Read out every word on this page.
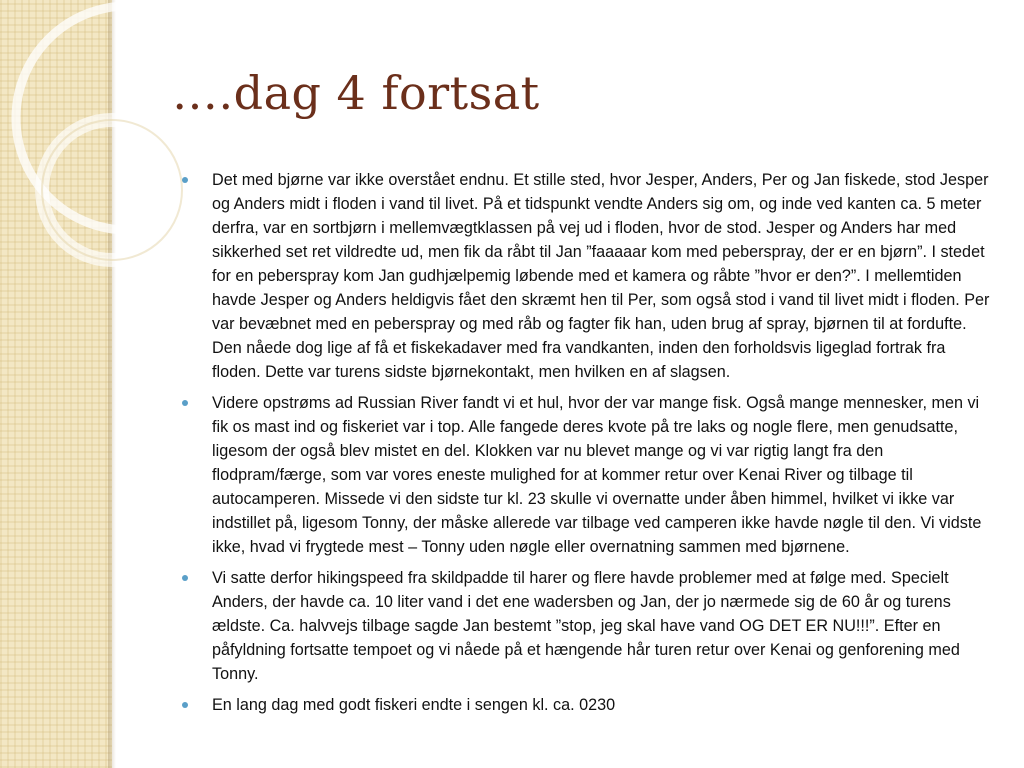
….dag 4 fortsat
Det med bjørne var ikke overstået endnu. Et stille sted, hvor Jesper, Anders, Per og Jan fiskede, stod Jesper og Anders midt i floden i vand til livet. På et tidspunkt vendte Anders sig om, og inde ved kanten ca. 5 meter derfra, var en sortbjørn i mellemvægtklassen på vej ud i floden, hvor de stod. Jesper og Anders har med sikkerhed set ret vildredte ud, men fik da råbt til Jan ”faaaaar kom med peberspray, der er en bjørn”. I stedet for en peberspray kom Jan gudhjælpemig løbende med et kamera og råbte ”hvor er den?”. I mellemtiden havde Jesper og Anders heldigvis fået den skræmt hen til Per, som også stod i vand til livet midt i floden. Per var bevæbnet med en peberspray og med råb og fagter fik han, uden brug af spray, bjørnen til at fordufte. Den nåede dog lige af få et fiskekadaver med fra vandkanten, inden den forholdsvis ligeglad fortrak fra floden. Dette var turens sidste bjørnekontakt, men hvilken en af slagsen.
Videre opstrøms ad Russian River fandt vi et hul, hvor der var mange fisk. Også mange mennesker, men vi fik os mast ind og fiskeriet var i top. Alle fangede deres kvote på tre laks og nogle flere, men genudsatte, ligesom der også blev mistet en del. Klokken var nu blevet mange og vi var rigtig langt fra den flodpram/færge, som var vores eneste mulighed for at kommer retur over Kenai River og tilbage til autocamperen. Missede vi den sidste tur kl. 23 skulle vi overnatte under åben himmel, hvilket vi ikke var indstillet på, ligesom Tonny, der måske allerede var tilbage ved camperen ikke havde nøgle til den. Vi vidste ikke, hvad vi frygtede mest – Tonny uden nøgle eller overnatning sammen med bjørnene.
Vi satte derfor hikingspeed fra skildpadde til harer og flere havde problemer med at følge med. Specielt Anders, der havde ca. 10 liter vand i det ene wadersben og Jan, der jo nærmede sig de 60 år og turens ældste. Ca. halvvejs tilbage sagde Jan bestemt ”stop, jeg skal have vand OG DET ER NU!!!”. Efter en påfyldning fortsatte tempoet og vi nåede på et hængende hår turen retur over Kenai og genforening med Tonny.
En lang dag med godt fiskeri endte i sengen kl. ca. 0230
